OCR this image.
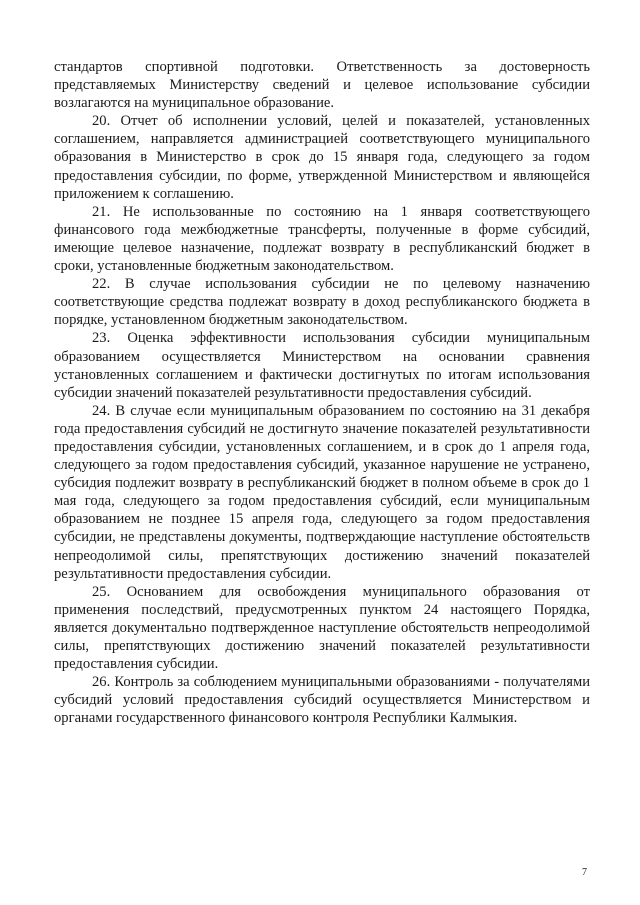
стандартов спортивной подготовки. Ответственность за достоверность представляемых Министерству сведений и целевое использование субсидии возлагаются на муниципальное образование.

20. Отчет об исполнении условий, целей и показателей, установленных соглашением, направляется администрацией соответствующего муниципального образования в Министерство в срок до 15 января года, следующего за годом предоставления субсидии, по форме, утвержденной Министерством и являющейся приложением к соглашению.

21. Не использованные по состоянию на 1 января соответствующего финансового года межбюджетные трансферты, полученные в форме субсидий, имеющие целевое назначение, подлежат возврату в республиканский бюджет в сроки, установленные бюджетным законодательством.

22. В случае использования субсидии не по целевому назначению соответствующие средства подлежат возврату в доход республиканского бюджета в порядке, установленном бюджетным законодательством.

23. Оценка эффективности использования субсидии муниципальным образованием осуществляется Министерством на основании сравнения установленных соглашением и фактически достигнутых по итогам использования субсидии значений показателей результативности предоставления субсидий.

24. В случае если муниципальным образованием по состоянию на 31 декабря года предоставления субсидий не достигнуто значение показателей результативности предоставления субсидии, установленных соглашением, и в срок до 1 апреля года, следующего за годом предоставления субсидий, указанное нарушение не устранено, субсидия подлежит возврату в республиканский бюджет в полном объеме в срок до 1 мая года, следующего за годом предоставления субсидий, если муниципальным образованием не позднее 15 апреля года, следующего за годом предоставления субсидии, не представлены документы, подтверждающие наступление обстоятельств непреодолимой силы, препятствующих достижению значений показателей результативности предоставления субсидии.

25. Основанием для освобождения муниципального образования от применения последствий, предусмотренных пунктом 24 настоящего Порядка, является документально подтвержденное наступление обстоятельств непреодолимой силы, препятствующих достижению значений показателей результативности предоставления субсидии.

26. Контроль за соблюдением муниципальными образованиями - получателями субсидий условий предоставления субсидий осуществляется Министерством и органами государственного финансового контроля Республики Калмыкия.

7
